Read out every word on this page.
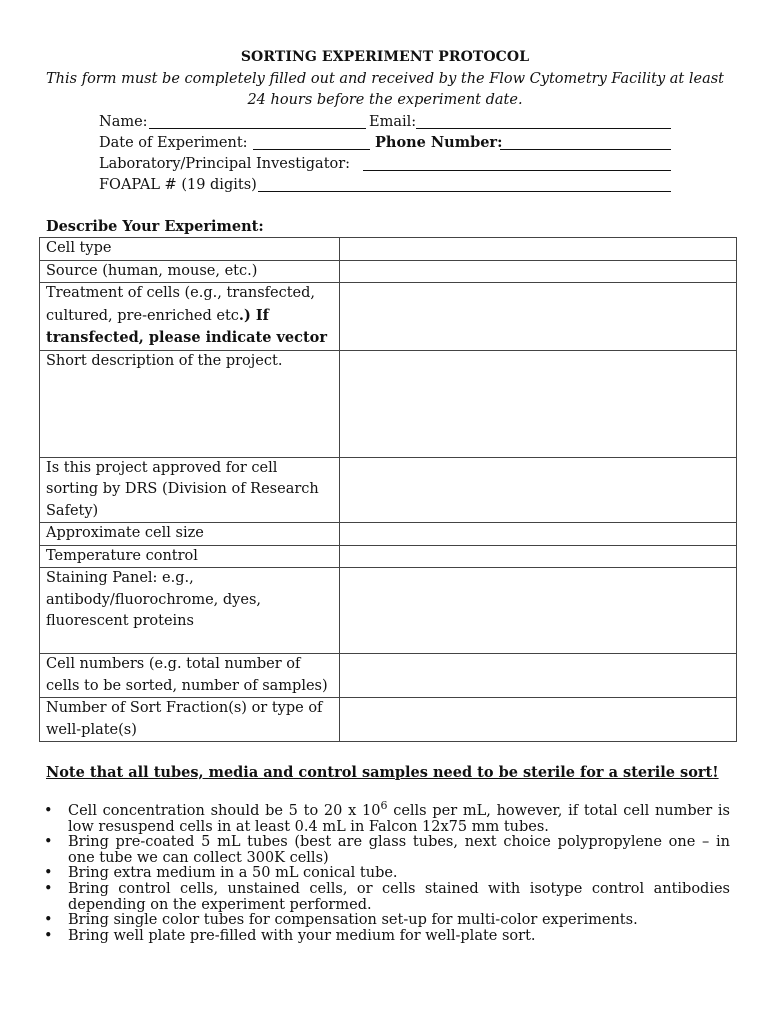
SORTING EXPERIMENT PROTOCOL
This form must be completely filled out and received by the Flow Cytometry Facility at least 24 hours before the experiment date.
Name:	Email:
Date of Experiment:	Phone Number:
Laboratory/Principal Investigator:
FOAPAL # (19 digits)
Describe Your Experiment:
Cell type	
Source (human, mouse, etc.)	
Treatment of cells (e.g., transfected, cultured, pre-enriched etc.) If transfected, please indicate vector	
Short description of the project.	
Is this project approved for cell sorting by DRS (Division of Research Safety)	
Approximate cell size	
Temperature control	
Staining Panel: e.g., antibody/fluorochrome, dyes, fluorescent proteins	
Cell numbers (e.g. total number of cells to be sorted, number of samples)	
Number of Sort Fraction(s) or type of well-plate(s)	
Note that all tubes, media and control samples need to be sterile for a sterile sort!
• Cell concentration should be 5 to 20 x $10^6$ cells per mL, however, if total cell number is low resuspend cells in at least 0.4 mL in Falcon 12x75 mm tubes.
• Bring pre-coated 5 mL tubes (best are glass tubes, next choice polypropylene one – in one tube we can collect 300K cells)
• Bring extra medium in a 50 mL conical tube.
• Bring control cells, unstained cells, or cells stained with isotype control antibodies depending on the experiment performed.
• Bring single color tubes for compensation set-up for multi-color experiments.
• Bring well plate pre-filled with your medium for well-plate sort.
